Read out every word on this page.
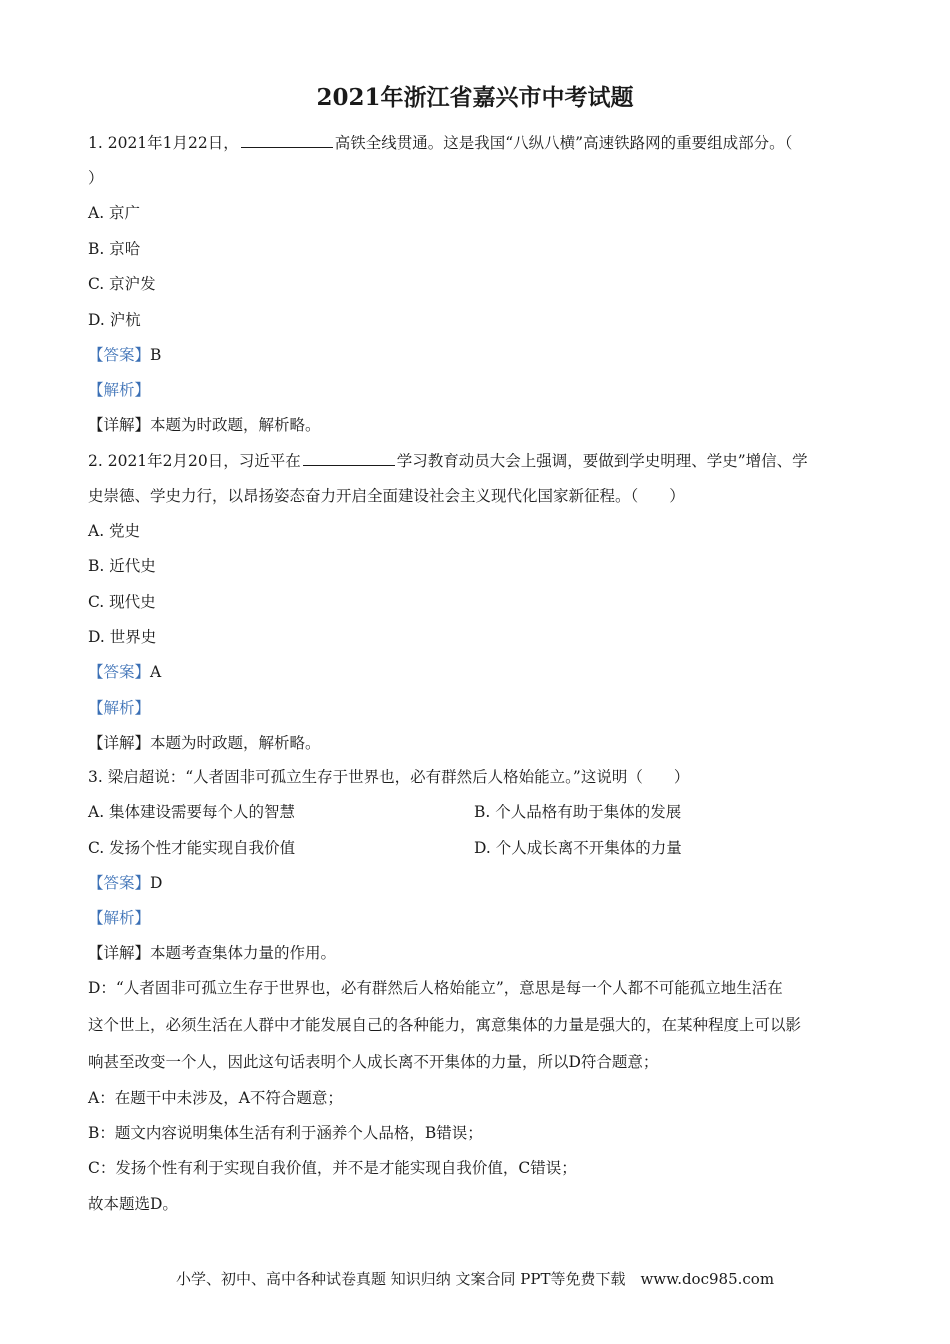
2021年浙江省嘉兴市中考试题
1. 2021年1月22日，	高铁全线贯通。这是我国“八纵八横”高速铁路网的重要组成部分。（
）
A. 京广
B. 京哈
C. 京沪发
D. 沪杭
【答案】B
【解析】
【详解】本题为时政题，解析略。
2. 2021年2月20日，习近平在	学习教育动员大会上强调，要做到学史明理、学史”增信、学
史崇德、学史力行，以昂扬姿态奋力开启全面建设社会主义现代化国家新征程。（　　）
A. 党史
B. 近代史
C. 现代史
D. 世界史
【答案】A
【解析】
【详解】本题为时政题，解析略。
3. 梁启超说：“人者固非可孤立生存于世界也，必有群然后人格始能立。”这说明（　　）
A. 集体建设需要每个人的智慧	B. 个人品格有助于集体的发展
C. 发扬个性才能实现自我价值	D. 个人成长离不开集体的力量
【答案】D
【解析】
【详解】本题考查集体力量的作用。
D：“人者固非可孤立生存于世界也，必有群然后人格始能立”，意思是每一个人都不可能孤立地生活在
这个世上，必须生活在人群中才能发展自己的各种能力，寓意集体的力量是强大的，在某种程度上可以影
响甚至改变一个人，因此这句话表明个人成长离不开集体的力量，所以D符合题意；
A：在题干中未涉及，A不符合题意；
B：题文内容说明集体生活有利于涵养个人品格，B错误；
C：发扬个性有利于实现自我价值，并不是才能实现自我价值，C错误；
故本题选D。
小学、初中、高中各种试卷真题 知识归纳 文案合同 PPT等免费下载　www.doc985.com
